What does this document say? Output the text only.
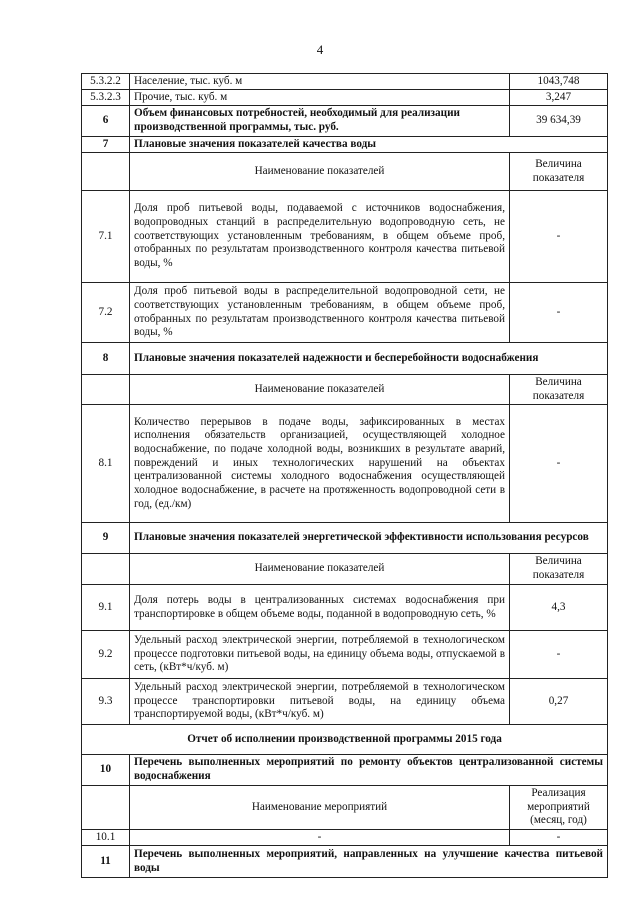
4
5.3.2.2	Население, тыс. куб. м	1043,748
5.3.2.3	Прочие, тыс. куб. м	3,247
6	Объем финансовых потребностей, необходимый для реализации производственной программы, тыс. руб.	39 634,39
7	Плановые значения показателей качества воды	
	Наименование показателей	Величина показателя
7.1	Доля проб питьевой воды, подаваемой с источников водоснабжения, водопроводных станций в распределительную водопроводную сеть, не соответствующих установленным требованиям, в общем объеме проб, отобранных по результатам производственного контроля качества питьевой воды, %	-
7.2	Доля проб питьевой воды в распределительной водопроводной сети, не соответствующих установленным требованиям, в общем объеме проб, отобранных по результатам производственного контроля качества питьевой воды, %	-
8	Плановые значения показателей надежности и бесперебойности водоснабжения	
	Наименование показателей	Величина показателя
8.1	Количество перерывов в подаче воды, зафиксированных в местах исполнения обязательств организацией, осуществляющей холодное водоснабжение, по подаче холодной воды, возникших в результате аварий, повреждений и иных технологических нарушений на объектах централизованной системы холодного водоснабжения осуществляющей холодное водоснабжение, в расчете на протяженность водопроводной сети в год, (ед./км)	-
9	Плановые значения показателей энергетической эффективности использования ресурсов	
	Наименование показателей	Величина показателя
9.1	Доля потерь воды в централизованных системах водоснабжения при транспортировке в общем объеме воды, поданной в водопроводную сеть, %	4,3
9.2	Удельный расход электрической энергии, потребляемой в технологическом процессе подготовки питьевой воды, на единицу объема воды, отпускаемой в сеть, (кВт*ч/куб. м)	-
9.3	Удельный расход электрической энергии, потребляемой в технологическом процессе транспортировки питьевой воды, на единицу объема транспортируемой воды, (кВт*ч/куб. м)	0,27
Отчет об исполнении производственной программы 2015 года		
10	Перечень выполненных мероприятий по ремонту объектов централизованной системы водоснабжения	
	Наименование мероприятий	Реализация мероприятий (месяц, год)
10.1	-	-
11	Перечень выполненных мероприятий, направленных на улучшение качества питьевой воды	
